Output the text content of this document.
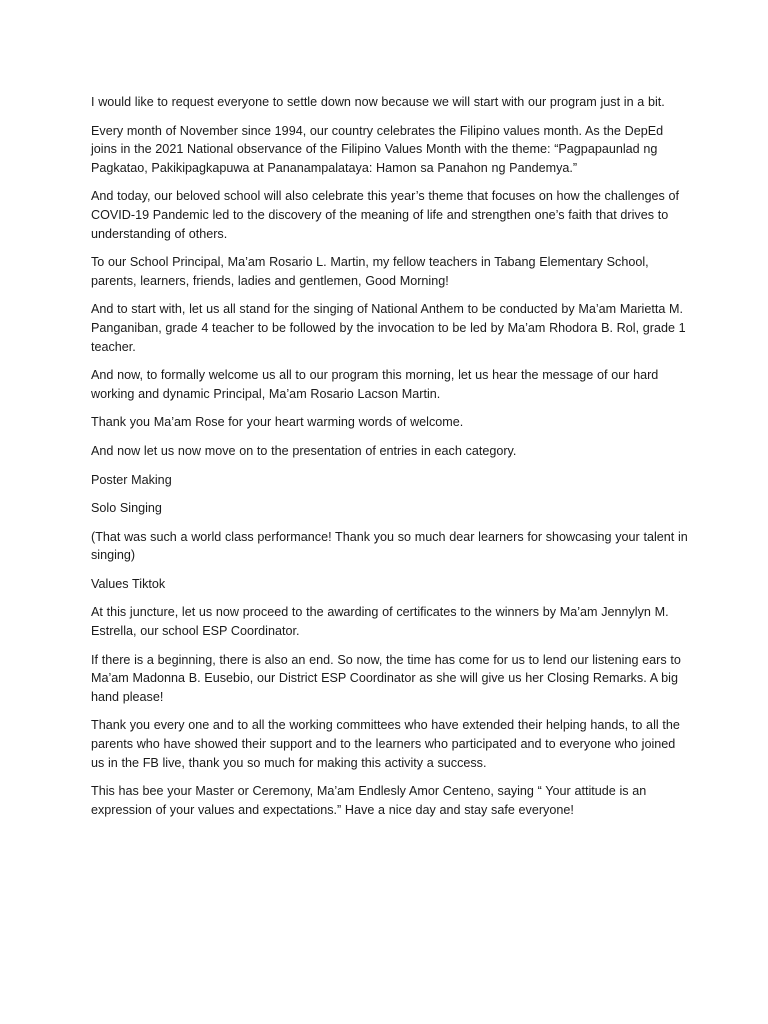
I would like to request everyone to settle down now because we will start with our program just in a bit.

Every month of November since 1994, our country celebrates the Filipino values month. As the DepEd joins in the 2021 National observance of the Filipino Values Month with the theme: “Pagpapaunlad ng Pagkatao, Pakikipagkapuwa at Pananampalataya: Hamon sa Panahon ng Pandemya.”

And today, our beloved school will also celebrate this year’s theme that focuses on how the challenges of COVID-19 Pandemic led to the discovery of the meaning of life and strengthen one’s faith that drives to understanding of others.

To our School Principal, Ma’am Rosario L. Martin, my fellow teachers in Tabang Elementary School, parents, learners, friends, ladies and gentlemen, Good Morning!

And to start with, let us all stand for the singing of National Anthem to be conducted by Ma’am Marietta M. Panganiban, grade 4 teacher to be followed by the invocation to be led by Ma’am Rhodora B. Rol, grade 1 teacher.

And now, to formally welcome us all to our program this morning, let us hear the message of our hard working and dynamic Principal, Ma’am Rosario Lacson Martin.

Thank you Ma’am Rose for your heart warming words of welcome.

And now let us now move on to the presentation of entries in each category.

Poster Making

Solo Singing

(That was such a world class performance! Thank you so much dear learners for showcasing your talent in singing)

Values Tiktok

At this juncture, let us now proceed to the awarding of certificates to the winners by Ma’am Jennylyn M. Estrella, our school ESP Coordinator.

If there is a beginning, there is also an end. So now, the time has come for us to lend our listening ears to Ma’am Madonna B. Eusebio, our District ESP Coordinator as she will give us her Closing Remarks. A big hand please!

Thank you every one and to all the working committees who have extended their helping hands, to all the parents who have showed their support and to the learners who participated and to everyone who joined us in the FB live, thank you so much for making this activity a success.

This has bee your Master or Ceremony, Ma’am Endlesly Amor Centeno, saying “ Your attitude is an expression of your values and expectations.” Have a nice day and stay safe everyone!
